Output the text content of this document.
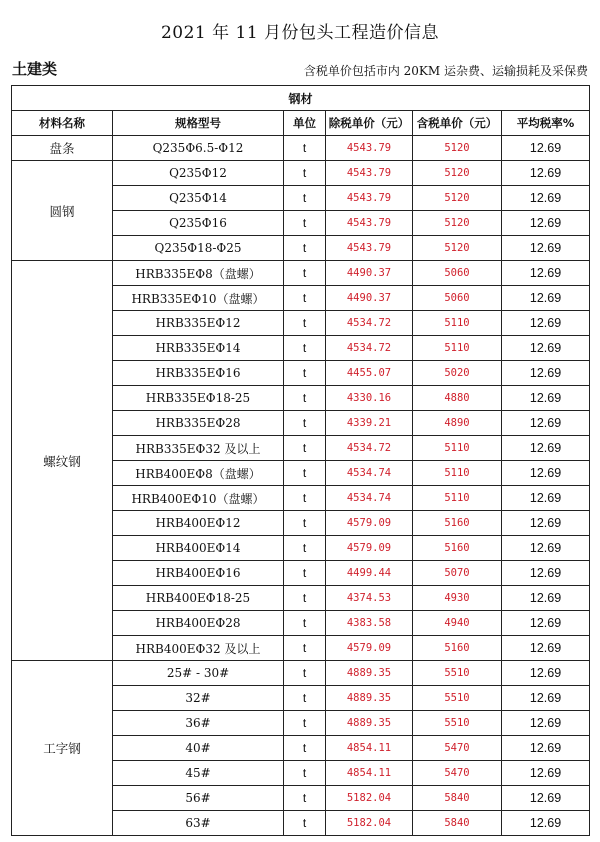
2021 年 11 月份包头工程造价信息
土建类	含税单价包括市内 20KM 运杂费、运输损耗及采保费
钢材					
材料名称	规格型号	单位	除税单价（元）	含税单价（元）	平均税率%
盘条	Q235Φ6.5-Φ12	t	4543.79	5120	12.69
圆钢	Q235Φ12	t	4543.79	5120	12.69
	Q235Φ14	t	4543.79	5120	12.69
	Q235Φ16	t	4543.79	5120	12.69
	Q235Φ18-Φ25	t	4543.79	5120	12.69
螺纹钢	HRB335EΦ8（盘螺）	t	4490.37	5060	12.69
	HRB335EΦ10（盘螺）	t	4490.37	5060	12.69
	HRB335EΦ12	t	4534.72	5110	12.69
	HRB335EΦ14	t	4534.72	5110	12.69
	HRB335EΦ16	t	4455.07	5020	12.69
	HRB335EΦ18-25	t	4330.16	4880	12.69
	HRB335EΦ28	t	4339.21	4890	12.69
	HRB335EΦ32 及以上	t	4534.72	5110	12.69
	HRB400EΦ8（盘螺）	t	4534.74	5110	12.69
	HRB400EΦ10（盘螺）	t	4534.74	5110	12.69
	HRB400EΦ12	t	4579.09	5160	12.69
	HRB400EΦ14	t	4579.09	5160	12.69
	HRB400EΦ16	t	4499.44	5070	12.69
	HRB400EΦ18-25	t	4374.53	4930	12.69
	HRB400EΦ28	t	4383.58	4940	12.69
	HRB400EΦ32 及以上	t	4579.09	5160	12.69
工字钢	25# - 30#	t	4889.35	5510	12.69
	32#	t	4889.35	5510	12.69
	36#	t	4889.35	5510	12.69
	40#	t	4854.11	5470	12.69
	45#	t	4854.11	5470	12.69
	56#	t	5182.04	5840	12.69
	63#	t	5182.04	5840	12.69
